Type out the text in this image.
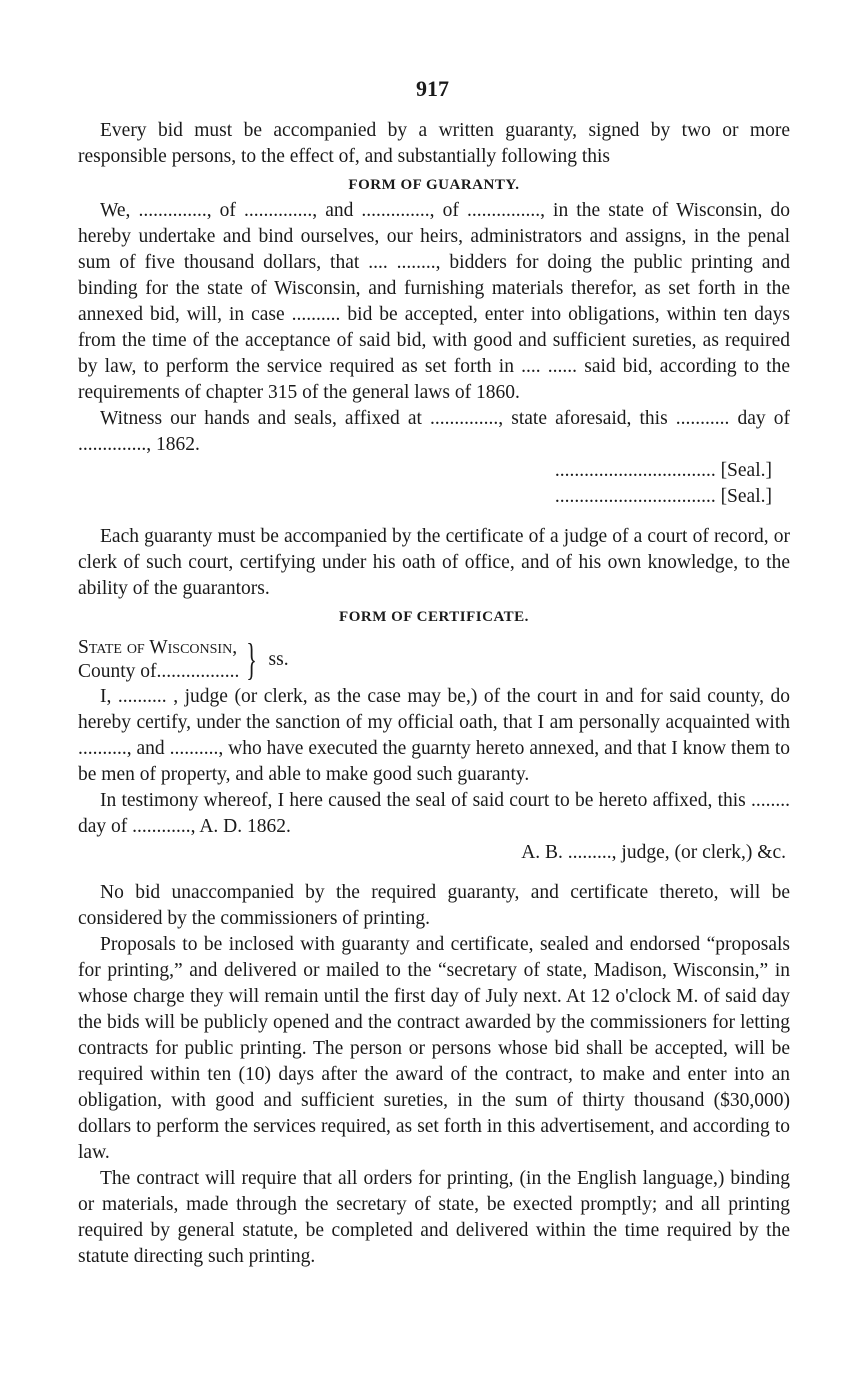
917

Every bid must be accompanied by a written guaranty, signed by two or more responsible persons, to the effect of, and substantially following this

FORM OF GUARANTY.

We, .............., of .............., and .............., of ..............., in the state of Wisconsin, do hereby undertake and bind ourselves, our heirs, administrators and assigns, in the penal sum of five thousand dollars, that .... ........, bidders for doing the public printing and binding for the state of Wisconsin, and furnishing materials therefor, as set forth in the annexed bid, will, in case .......... bid be accepted, enter into obligations, within ten days from the time of the acceptance of said bid, with good and sufficient sureties, as required by law, to perform the service required as set forth in .... ...... said bid, according to the requirements of chapter 315 of the general laws of 1860.

Witness our hands and seals, affixed at .............., state aforesaid, this ........... day of .............., 1862.

................................. [Seal.]

................................. [Seal.]

Each guaranty must be accompanied by the certificate of a judge of a court of record, or clerk of such court, certifying under his oath of office, and of his own knowledge, to the ability of the guarantors.

FORM OF CERTIFICATE.

State of Wisconsin,
County of................. } ss.

I, .......... , judge (or clerk, as the case may be,) of the court in and for said county, do hereby certify, under the sanction of my official oath, that I am personally acquainted with .........., and .........., who have executed the guarnty hereto annexed, and that I know them to be men of property, and able to make good such guaranty.

In testimony whereof, I here caused the seal of said court to be hereto affixed, this ........ day of ............, A. D. 1862.

A. B. ........., judge, (or clerk,) &c.

No bid unaccompanied by the required guaranty, and certificate thereto, will be considered by the commissioners of printing.

Proposals to be inclosed with guaranty and certificate, sealed and endorsed “proposals for printing,” and delivered or mailed to the “secretary of state, Madison, Wisconsin,” in whose charge they will remain until the first day of July next. At 12 o'clock M. of said day the bids will be publicly opened and the contract awarded by the commissioners for letting contracts for public printing. The person or persons whose bid shall be accepted, will be required within ten (10) days after the award of the contract, to make and enter into an obligation, with good and sufficient sureties, in the sum of thirty thousand ($30,000) dollars to perform the services required, as set forth in this advertisement, and according to law.

The contract will require that all orders for printing, (in the English language,) binding or materials, made through the secretary of state, be exected promptly; and all printing required by general statute, be completed and delivered within the time required by the statute directing such printing.
